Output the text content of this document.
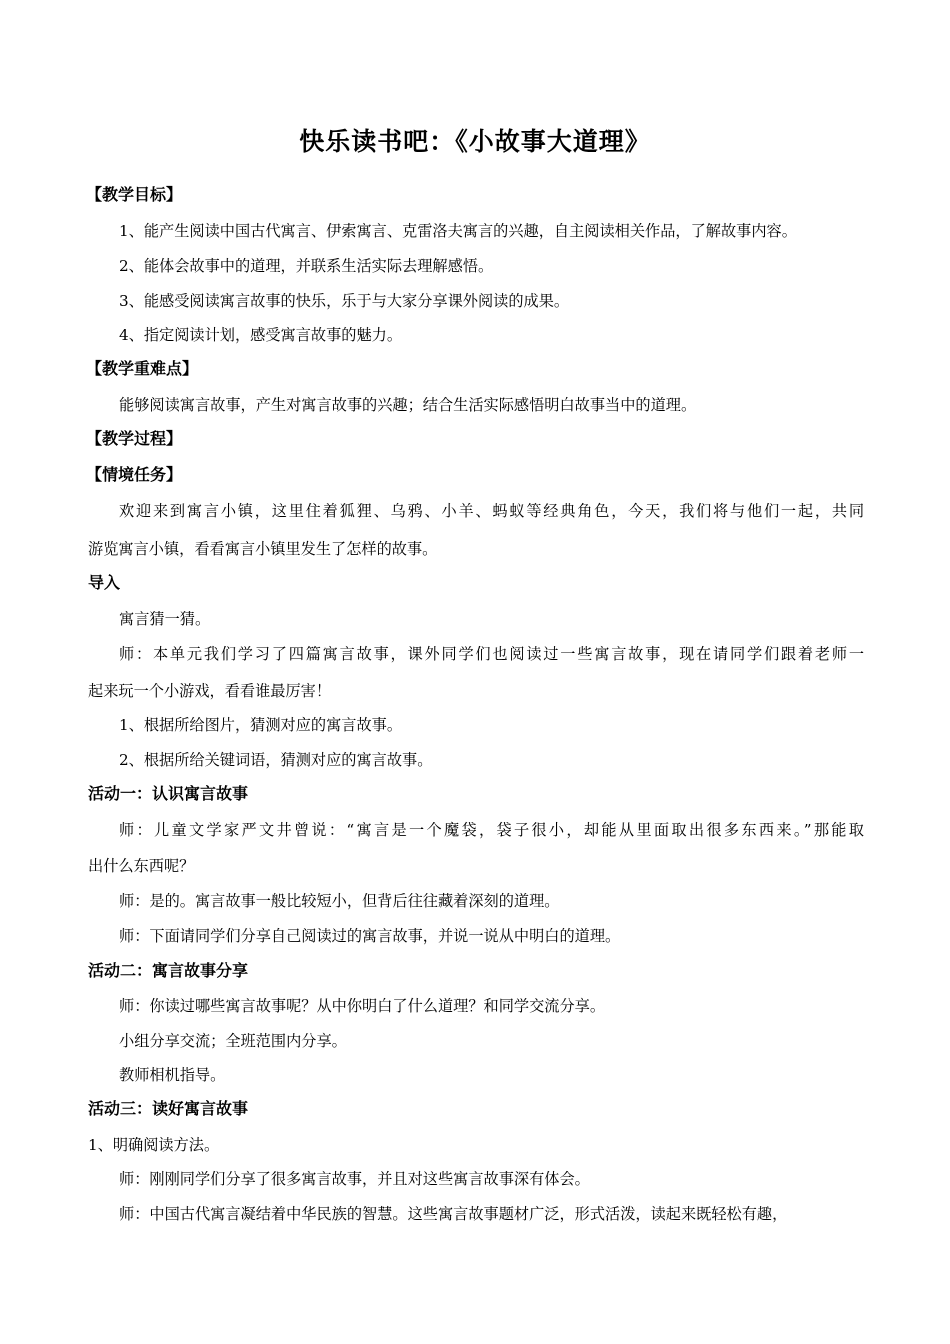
快乐读书吧：《小故事大道理》
【教学目标】
1、能产生阅读中国古代寓言、伊索寓言、克雷洛夫寓言的兴趣，自主阅读相关作品，了解故事内容。
2、能体会故事中的道理，并联系生活实际去理解感悟。
3、能感受阅读寓言故事的快乐，乐于与大家分享课外阅读的成果。
4、指定阅读计划，感受寓言故事的魅力。
【教学重难点】
能够阅读寓言故事，产生对寓言故事的兴趣；结合生活实际感悟明白故事当中的道理。
【教学过程】
【情境任务】
欢迎来到寓言小镇，这里住着狐狸、乌鸦、小羊、蚂蚁等经典角色，今天，我们将与他们一起，共同
游览寓言小镇，看看寓言小镇里发生了怎样的故事。
导入
寓言猜一猜。
师：本单元我们学习了四篇寓言故事，课外同学们也阅读过一些寓言故事，现在请同学们跟着老师一
起来玩一个小游戏，看看谁最厉害！
1、根据所给图片，猜测对应的寓言故事。
2、根据所给关键词语，猜测对应的寓言故事。
活动一：认识寓言故事
师：儿童文学家严文井曾说：“寓言是一个魔袋，袋子很小，却能从里面取出很多东西来。”那能取
出什么东西呢？
师：是的。寓言故事一般比较短小，但背后往往藏着深刻的道理。
师：下面请同学们分享自己阅读过的寓言故事，并说一说从中明白的道理。
活动二：寓言故事分享
师：你读过哪些寓言故事呢？从中你明白了什么道理？和同学交流分享。
小组分享交流；全班范围内分享。
教师相机指导。
活动三：读好寓言故事
1、明确阅读方法。
师：刚刚同学们分享了很多寓言故事，并且对这些寓言故事深有体会。
师：中国古代寓言凝结着中华民族的智慧。这些寓言故事题材广泛，形式活泼，读起来既轻松有趣，
